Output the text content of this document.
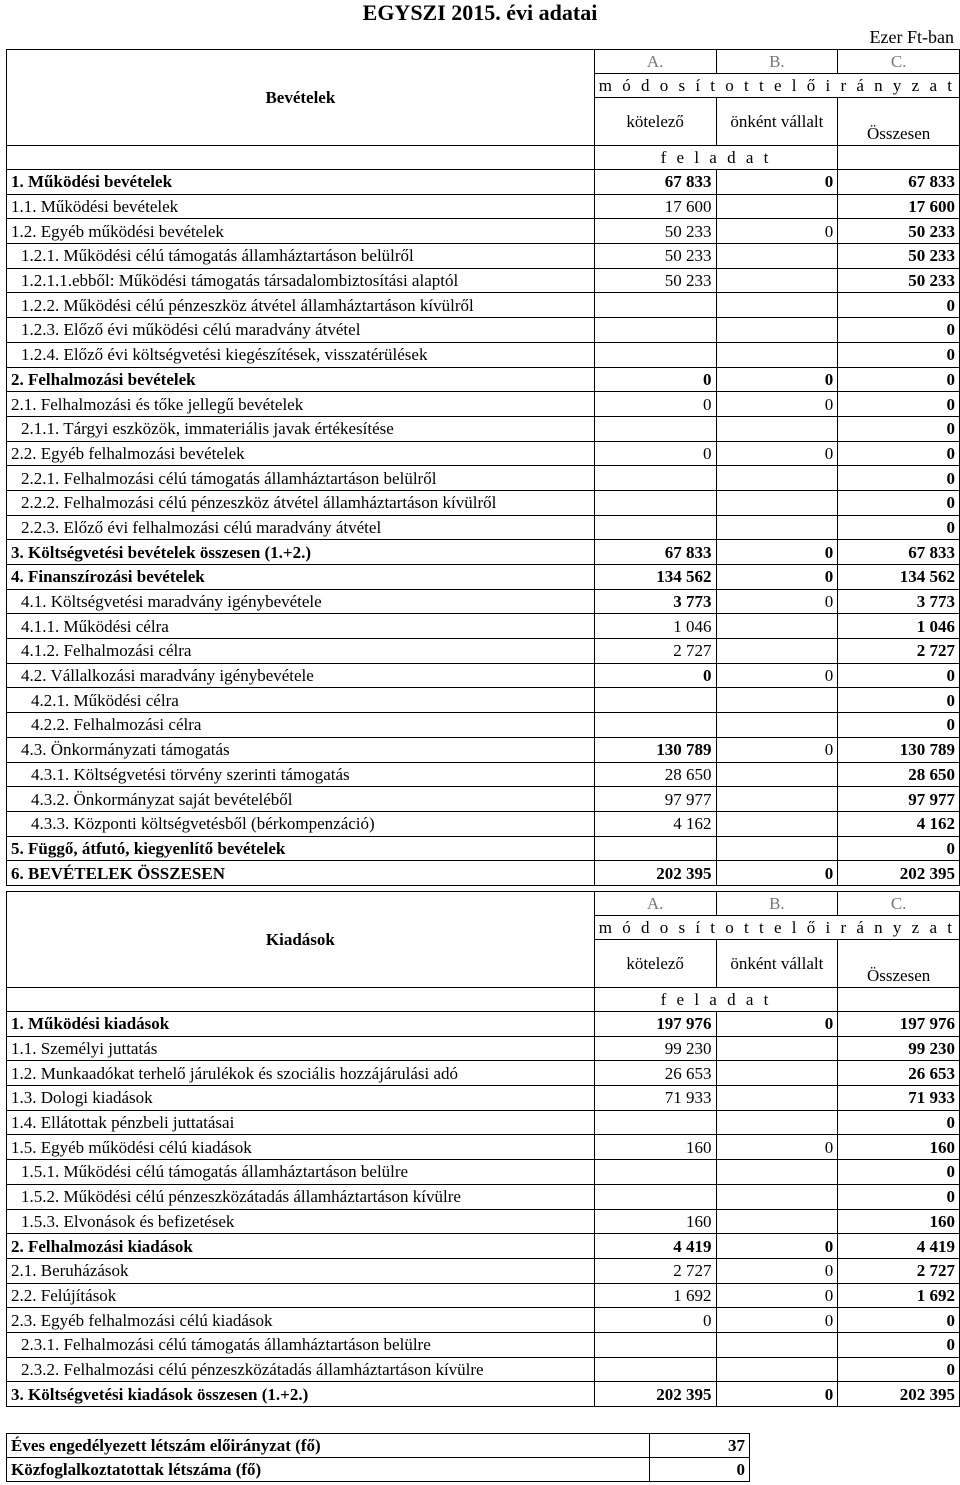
EGYSZI 2015. évi adatai
Ezer Ft-ban
Bevételek	A.	B.	C.
	m ó d o s í t o t t e l ő i r á n y z a t		
	kötelező	önként vállalt	Összesen
	f e l a d a t		
1. Működési bevételek	67 833	0	67 833
1.1. Működési bevételek	17 600		17 600
1.2. Egyéb működési bevételek	50 233	0	50 233
1.2.1. Működési célú támogatás államháztartáson belülről	50 233		50 233
1.2.1.1.ebből: Működési támogatás társadalombiztosítási alaptól	50 233		50 233
1.2.2. Működési célú pénzeszköz átvétel államháztartáson kívülről			0
1.2.3. Előző évi működési célú maradvány átvétel			0
1.2.4. Előző évi költségvetési kiegészítések, visszatérülések			0
2. Felhalmozási bevételek	0	0	0
2.1. Felhalmozási és tőke jellegű bevételek	0	0	0
2.1.1. Tárgyi eszközök, immateriális javak értékesítése			0
2.2. Egyéb felhalmozási bevételek	0	0	0
2.2.1. Felhalmozási célú támogatás államháztartáson belülről			0
2.2.2. Felhalmozási célú pénzeszköz átvétel államháztartáson kívülről			0
2.2.3. Előző évi felhalmozási célú maradvány átvétel			0
3. Költségvetési bevételek összesen (1.+2.)	67 833	0	67 833
4. Finanszírozási bevételek	134 562	0	134 562
4.1. Költségvetési maradvány igénybevétele	3 773	0	3 773
4.1.1. Működési célra	1 046		1 046
4.1.2. Felhalmozási célra	2 727		2 727
4.2. Vállalkozási maradvány igénybevétele	0	0	0
4.2.1. Működési célra			0
4.2.2. Felhalmozási célra			0
4.3. Önkormányzati támogatás	130 789	0	130 789
4.3.1. Költségvetési törvény szerinti támogatás	28 650		28 650
4.3.2. Önkormányzat saját bevételéből	97 977		97 977
4.3.3. Központi költségvetésből (bérkompenzáció)	4 162		4 162
5. Függő, átfutó, kiegyenlítő bevételek			0
6. BEVÉTELEK ÖSSZESEN	202 395	0	202 395
Kiadások	A.	B.	C.
	m ó d o s í t o t t e l ő i r á n y z a t		
	kötelező	önként vállalt	Összesen
	f e l a d a t		
1. Működési kiadások	197 976	0	197 976
1.1. Személyi juttatás	99 230		99 230
1.2. Munkaadókat terhelő járulékok és szociális hozzájárulási adó	26 653		26 653
1.3. Dologi kiadások	71 933		71 933
1.4. Ellátottak pénzbeli juttatásai			0
1.5. Egyéb működési célú kiadások	160	0	160
1.5.1. Működési célú támogatás államháztartáson belülre			0
1.5.2. Működési célú pénzeszközátadás államháztartáson kívülre			0
1.5.3. Elvonások és befizetések	160		160
2. Felhalmozási kiadások	4 419	0	4 419
2.1. Beruházások	2 727	0	2 727
2.2. Felújítások	1 692	0	1 692
2.3. Egyéb felhalmozási célú kiadások	0	0	0
2.3.1. Felhalmozási célú támogatás államháztartáson belülre			0
2.3.2. Felhalmozási célú pénzeszközátadás államháztartáson kívülre			0
3. Költségvetési kiadások összesen (1.+2.)	202 395	0	202 395
Éves engedélyezett létszám előirányzat (fő)	37
Közfoglalkoztatottak létszáma (fő)	0
